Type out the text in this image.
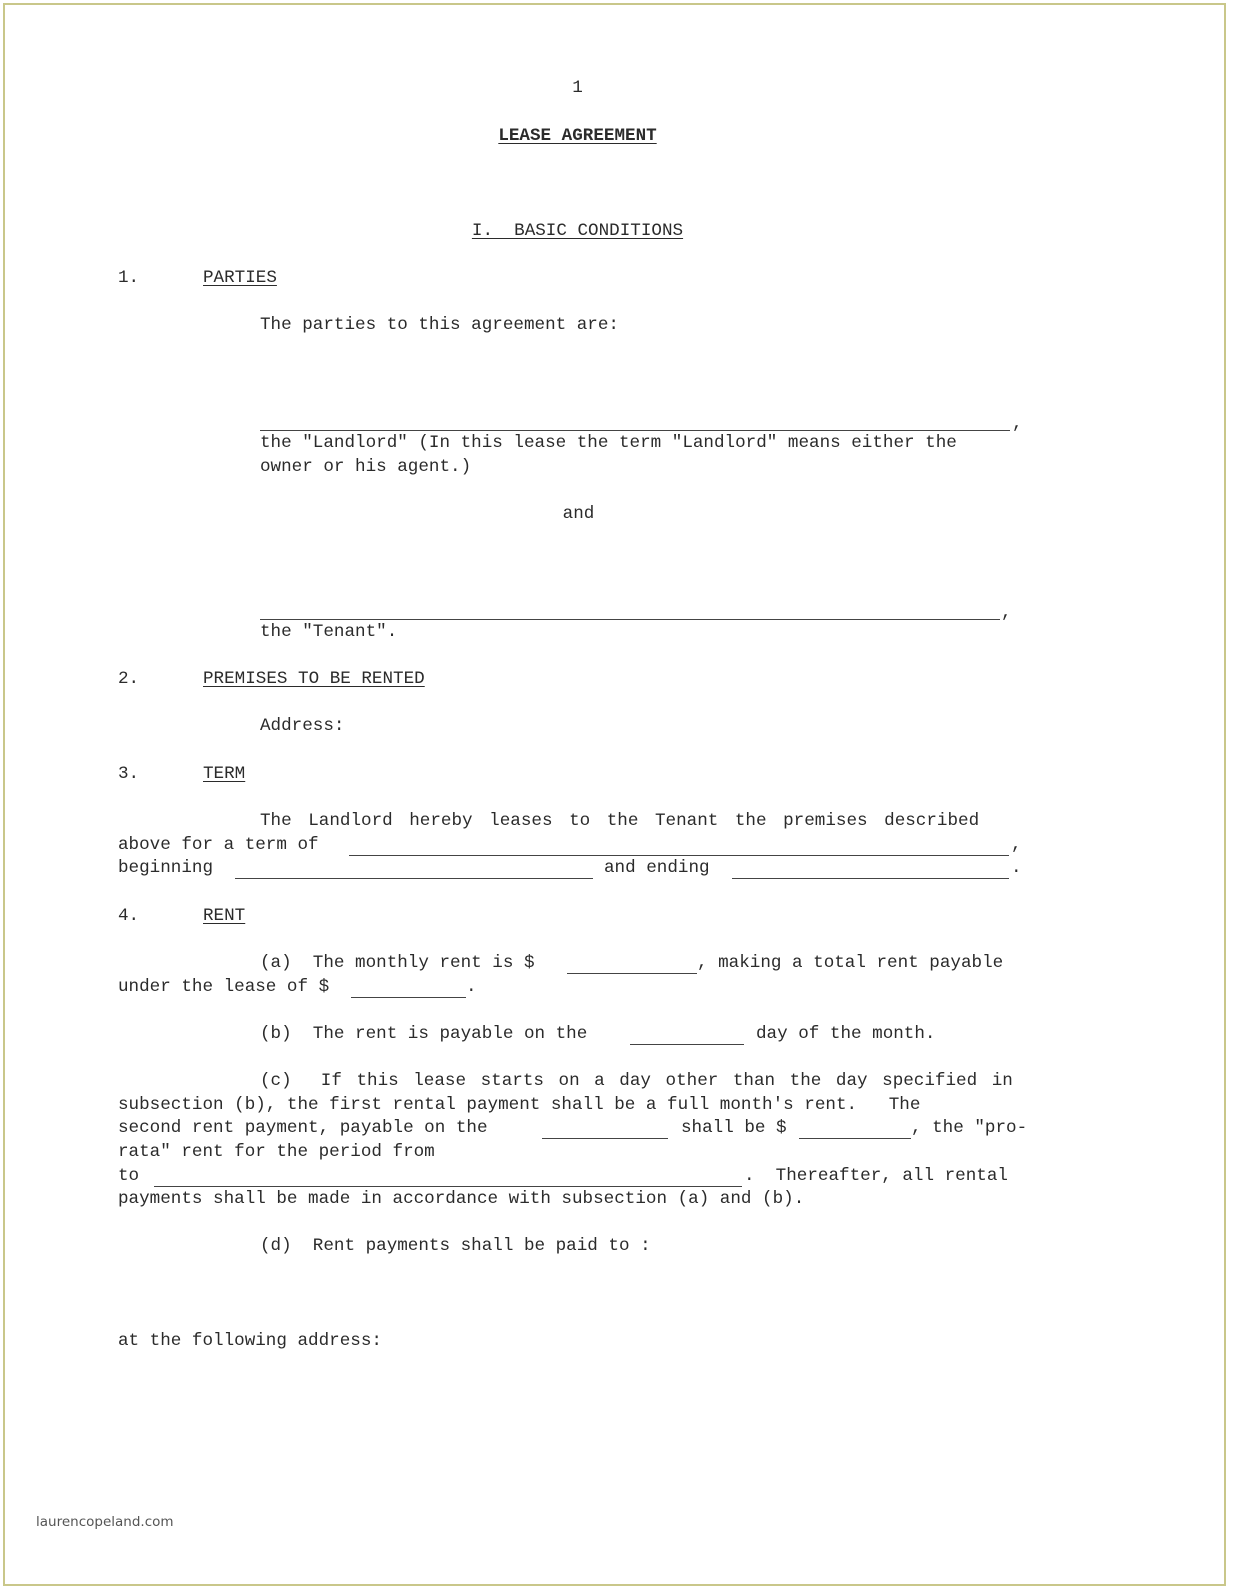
1
LEASE AGREEMENT
I.  BASIC CONDITIONS
1.	PARTIES
The parties to this agreement are:
,
the "Landlord" (In this lease the term "Landlord" means either the
owner or his agent.)
and
,
the "Tenant".
2.	PREMISES TO BE RENTED
Address:
3.	TERM
The Landlord hereby leases to the Tenant the premises described
above for a term of	,
beginning	and ending	.
4.	RENT
(a)  The monthly rent is $	, making a total rent payable
under the lease of $	.
(b)  The rent is payable on the	day of the month.
(c)  If this lease starts on a day other than the day specified in
subsection (b), the first rental payment shall be a full month's rent.   The
second rent payment, payable on the	shall be $	, the "pro-
rata" rent for the period from
to	.  Thereafter, all rental
payments shall be made in accordance with subsection (a) and (b).
(d)  Rent payments shall be paid to :
at the following address:
laurencopeland.com
